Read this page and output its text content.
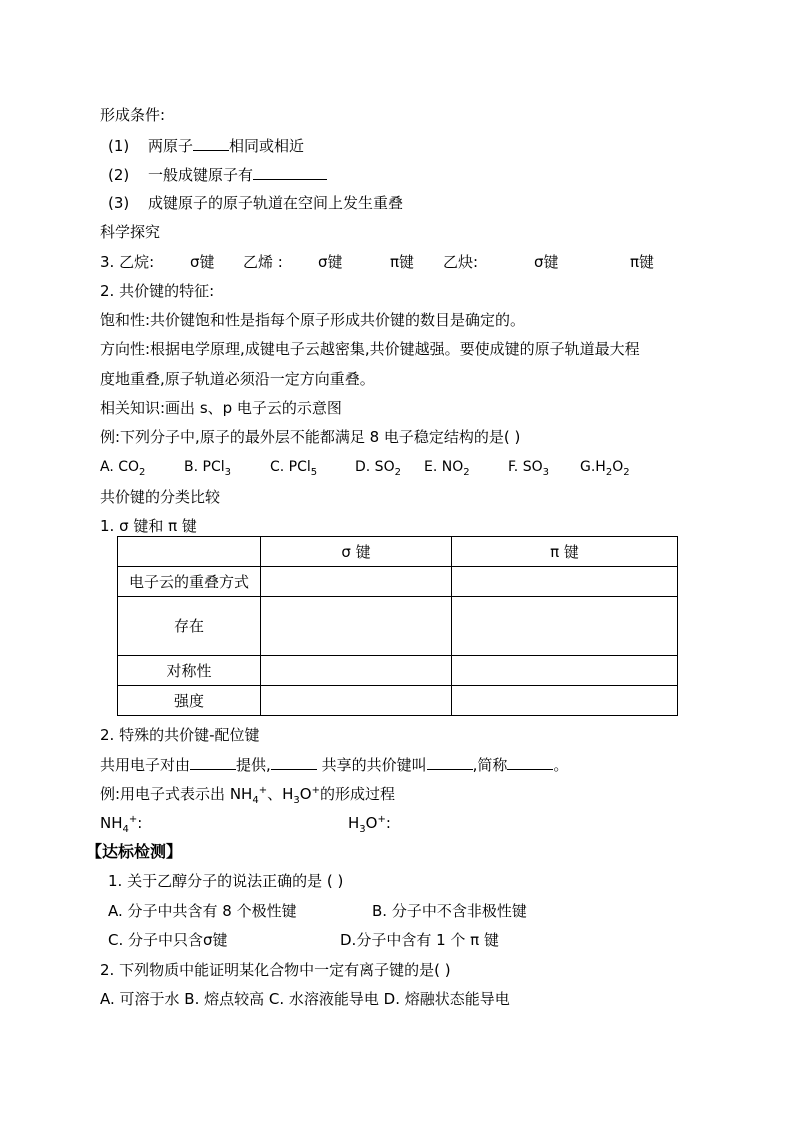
形成条件:
(1) 两原子 相同或相近
(2) 一般成键原子有
(3) 成键原子的原子轨道在空间上发生重叠
科学探究
3. 乙烷: σ键 乙烯 : σ键	π键 乙炔:	σ键	π键
2. 共价键的特征:
饱和性:共价键饱和性是指每个原子形成共价键的数目是确定的。
方向性:根据电学原理,成键电子云越密集,共价键越强。要使成键的原子轨道最大程
度地重叠,原子轨道必须沿一定方向重叠。
相关知识:画出 s、p 电子云的示意图
例:下列分子中,原子的最外层不能都满足 8 电子稳定结构的是( )
A. $CO_2$	B. PCl$_3$	C. PCl$_5$	D. $SO_2$ E. $NO_2$	F. $SO_3$ $G.H_2O_2$
共价键的分类比较
1. σ 键和 π 键
	σ 键	π 键
电子云的重叠方式		
存在		
对称性		
强度		
2. 特殊的共价键-配位键
共用电子对由	提供,	共享的共价键叫	,简称	。
例:用电子式表示出 $NH_4^+$、$H_3O^+$的形成过程
$NH_4^+$:	$H_3O^+$:
【达标检测】
1. 关于乙醇分子的说法正确的是 ( )
A. 分子中共含有 8 个极性键	B. 分子中不含非极性键
C. 分子中只含σ键	D.分子中含有 1 个 π 键
2. 下列物质中能证明某化合物中一定有离子键的是( )
A. 可溶于水 B. 熔点较高 C. 水溶液能导电 D. 熔融状态能导电
